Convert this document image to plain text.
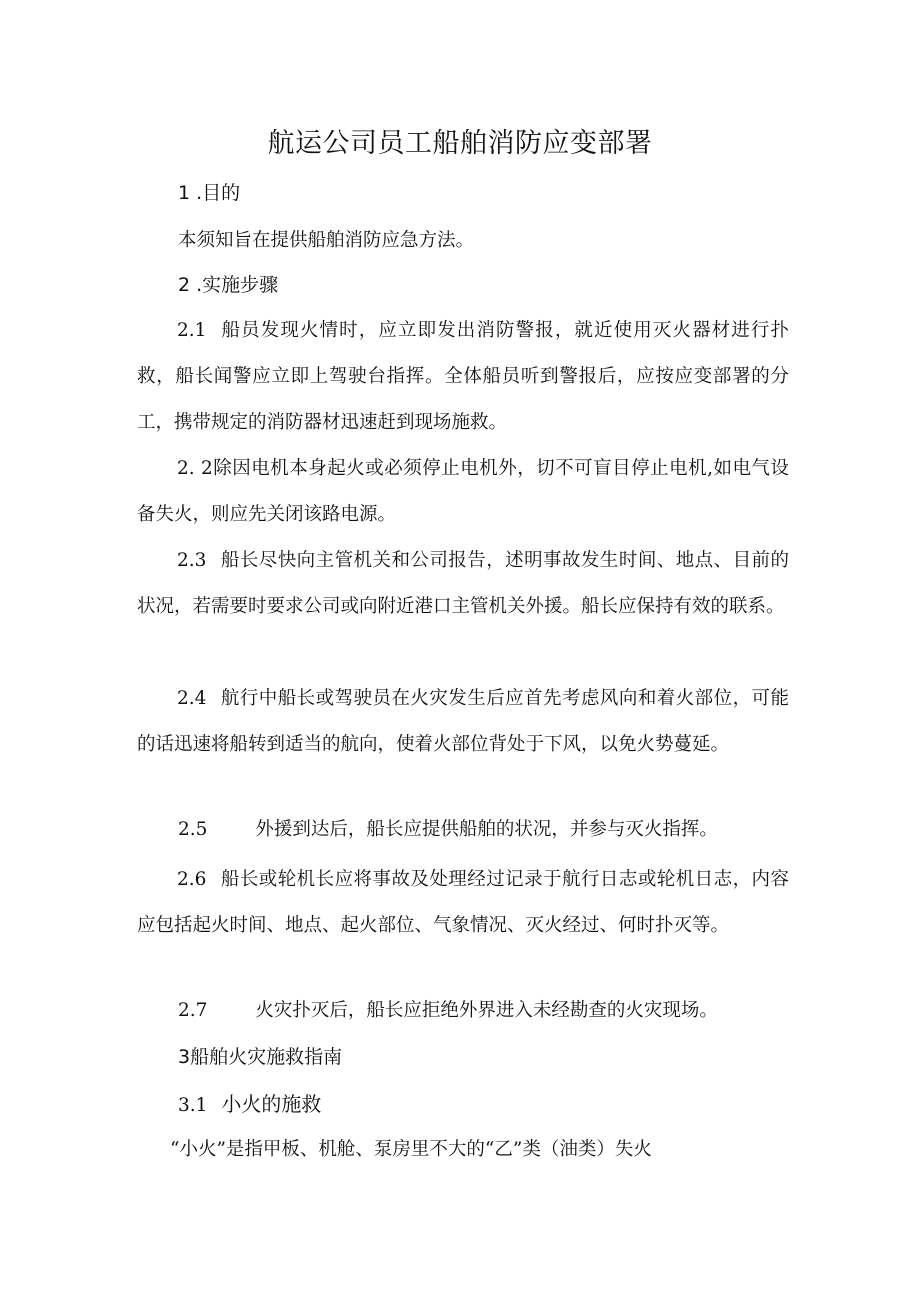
航运公司员工船舶消防应变部署
1 .目的
本须知旨在提供船舶消防应急方法。
2 .实施步骤
2.1 船员发现火情时，应立即发出消防警报，就近使用灭火器材进行扑救，船长闻警应立即上驾驶台指挥。全体船员听到警报后，应按应变部署的分工，携带规定的消防器材迅速赶到现场施救。
2. 2除因电机本身起火或必须停止电机外，切不可盲目停止电机,如电气设备失火，则应先关闭该路电源。
2.3 船长尽快向主管机关和公司报告，述明事故发生时间、地点、目前的状况，若需要时要求公司或向附近港口主管机关外援。船长应保持有效的联系。
2.4 航行中船长或驾驶员在火灾发生后应首先考虑风向和着火部位，可能的话迅速将船转到适当的航向，使着火部位背处于下风，以免火势蔓延。
2.5	外援到达后，船长应提供船舶的状况，并参与灭火指挥。
2.6 船长或轮机长应将事故及处理经过记录于航行日志或轮机日志，内容应包括起火时间、地点、起火部位、气象情况、灭火经过、何时扑灭等。
2.7	火灾扑灭后，船长应拒绝外界进入未经勘查的火灾现场。
3船舶火灾施救指南
3.1 小火的施救
“小火”是指甲板、机舱、泵房里不大的“乙”类（油类）失火
